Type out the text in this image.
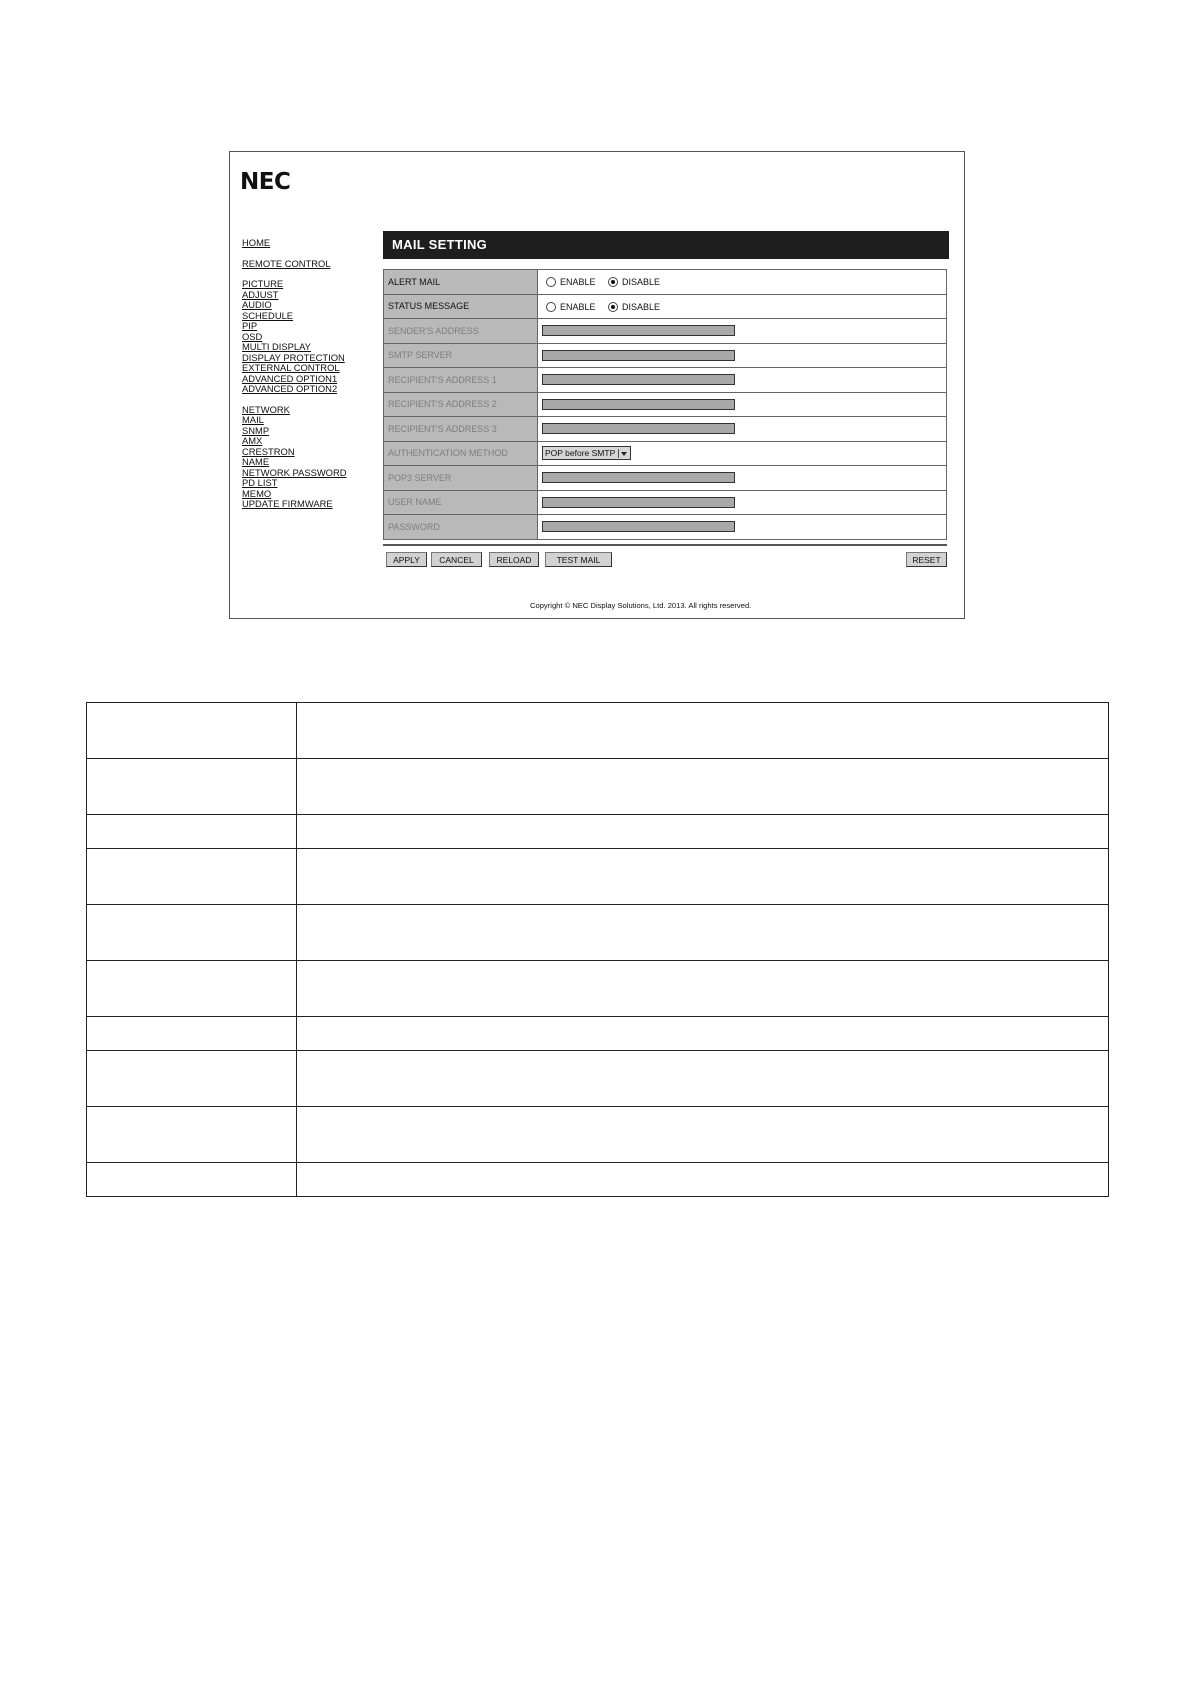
NEC
HOME
REMOTE CONTROL
PICTURE
ADJUST
AUDIO
SCHEDULE
PIP
OSD
MULTI DISPLAY
DISPLAY PROTECTION
EXTERNAL CONTROL
ADVANCED OPTION1
ADVANCED OPTION2
NETWORK
MAIL
SNMP
AMX
CRESTRON
NAME
NETWORK PASSWORD
PD LIST
MEMO
UPDATE FIRMWARE
MAIL SETTING
ALERT MAIL	ENABLE DISABLE
STATUS MESSAGE	ENABLE DISABLE
SENDER'S ADDRESS	

SMTP SERVER	

RECIPIENT'S ADDRESS 1	

RECIPIENT'S ADDRESS 2	

RECIPIENT'S ADDRESS 3	

AUTHENTICATION METHOD	POP before SMTP

POP3 SERVER	

USER NAME	

PASSWORD	
APPLY	CANCEL	RELOAD	TEST MAIL	RESET
Copyright © NEC Display Solutions, Ltd. 2013. All rights reserved.
